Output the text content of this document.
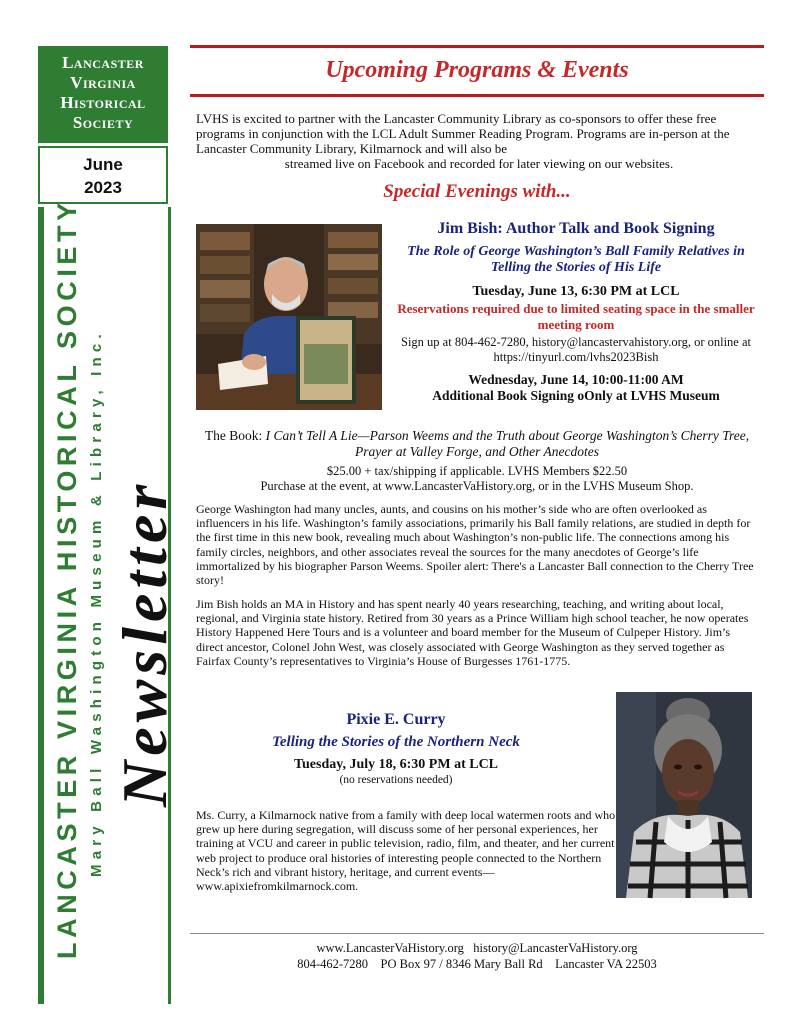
Lancaster
Virginia
Historical
Society
June
2023
LANCASTER VIRGINIA HISTORICAL SOCIETY Mary Ball Washington Museum & Library, Inc. Newsletter
Upcoming Programs & Events
LVHS is excited to partner with the Lancaster Community Library as co-sponsors to offer these free programs in conjunction with the LCL Adult Summer Reading Program. Programs are in-person at the Lancaster Community Library, Kilmarnock and will also be
streamed live on Facebook and recorded for later viewing on our websites.
Special Evenings with...
Jim Bish: Author Talk and Book Signing
The Role of George Washington’s Ball Family Relatives in Telling the Stories of His Life
Tuesday, June 13, 6:30 PM at LCL
Reservations required due to limited seating space in the smaller meeting room
Sign up at 804-462-7280, history@lancastervahistory.org, or online at https://tinyurl.com/lvhs2023Bish
Wednesday, June 14, 10:00-11:00 AM
Additional Book Signing oOnly at LVHS Museum
The Book: I Can’t Tell A Lie—Parson Weems and the Truth about George Washington’s Cherry Tree, Prayer at Valley Forge, and Other Anecdotes
$25.00 + tax/shipping if applicable. LVHS Members $22.50
Purchase at the event, at www.LancasterVaHistory.org, or in the LVHS Museum Shop.
George Washington had many uncles, aunts, and cousins on his mother’s side who are often overlooked as influencers in his life. Washington’s family associations, primarily his Ball family relations, are studied in depth for the first time in this new book, revealing much about Washington’s non-public life. The connections among his family circles, neighbors, and other associates reveal the sources for the many anecdotes of George’s life immortalized by his biographer Parson Weems. Spoiler alert: There's a Lancaster Ball connection to the Cherry Tree story!
Jim Bish holds an MA in History and has spent nearly 40 years researching, teaching, and writing about local, regional, and Virginia state history. Retired from 30 years as a Prince William high school teacher, he now operates History Happened Here Tours and is a volunteer and board member for the Museum of Culpeper History. Jim’s direct ancestor, Colonel John West, was closely associated with George Washington as they served together as Fairfax County’s representatives to Virginia’s House of Burgesses 1761-1775.
Pixie E. Curry
Telling the Stories of the Northern Neck
Tuesday, July 18, 6:30 PM at LCL
(no reservations needed)
Ms. Curry, a Kilmarnock native from a family with deep local watermen roots and who grew up here during segregation, will discuss some of her personal experiences, her training at VCU and career in public television, radio, film, and theater, and her current web project to produce oral histories of interesting people connected to the Northern Neck’s rich and vibrant history, heritage, and current events— www.apixiefromkilmarnock.com.
www.LancasterVaHistory.org   history@LancasterVaHistory.org
804-462-7280    PO Box 97 / 8346 Mary Ball Rd    Lancaster VA 22503
